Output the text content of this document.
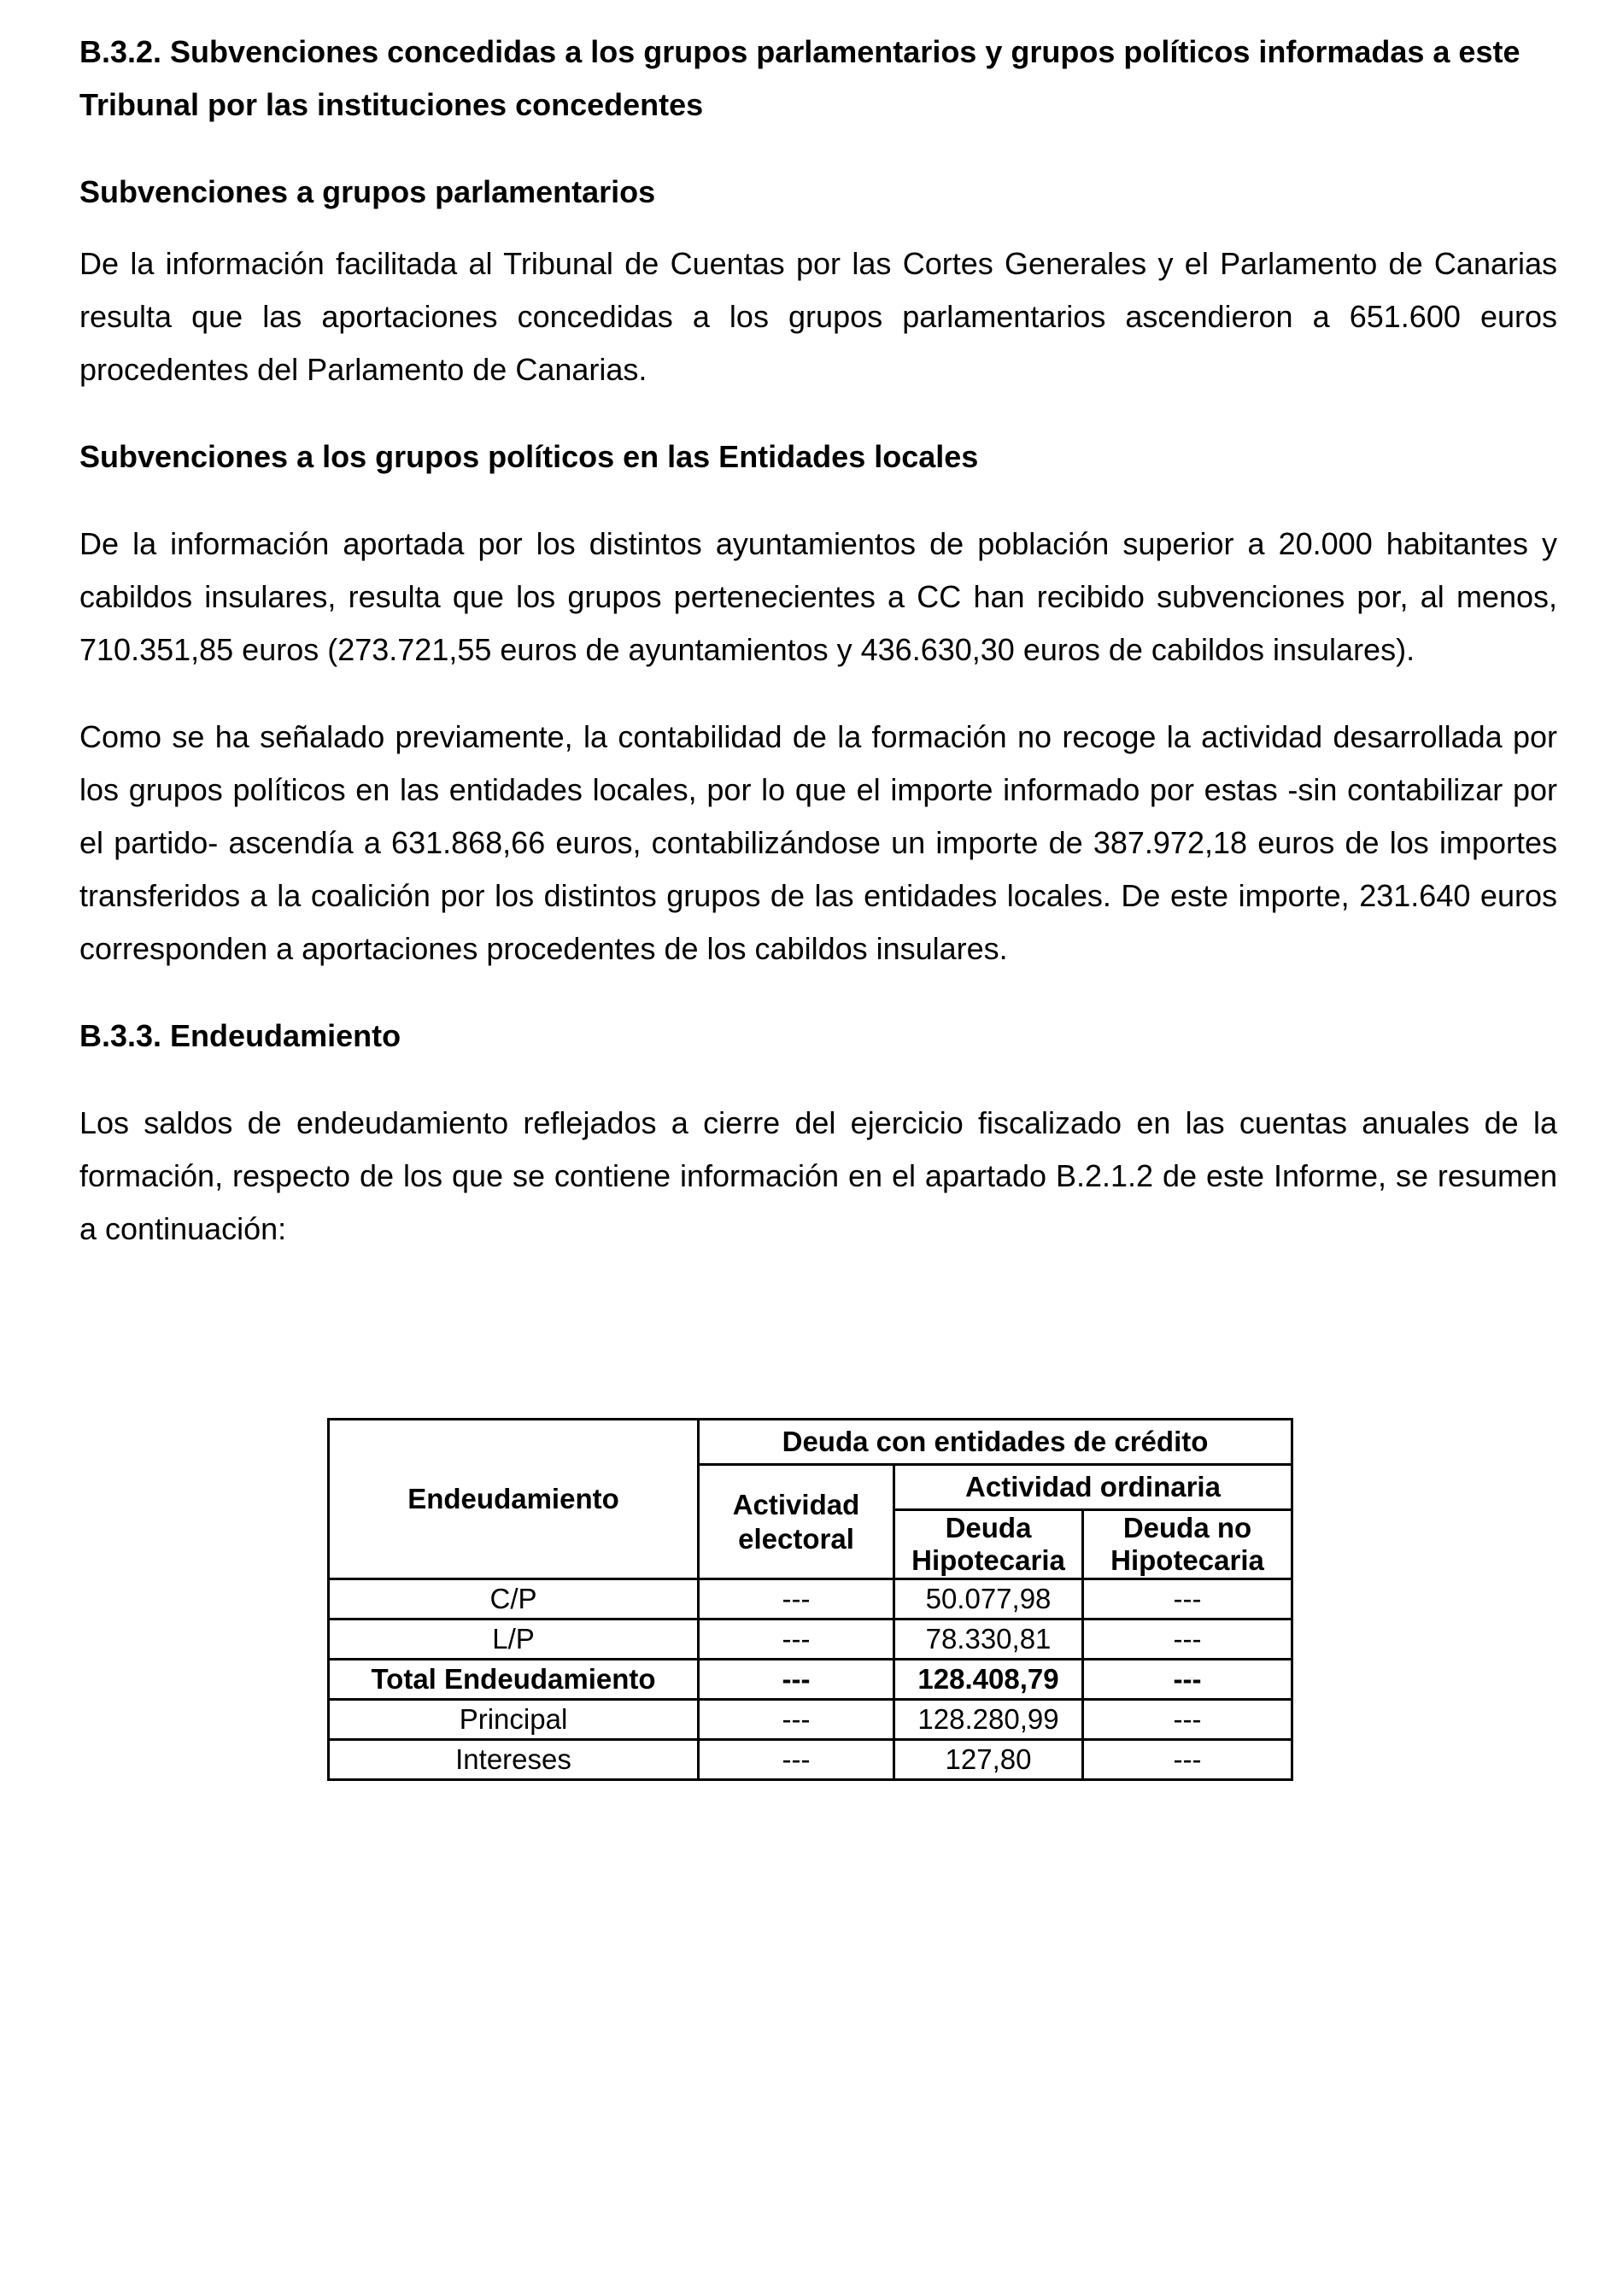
B.3.2. Subvenciones concedidas a los grupos parlamentarios y grupos políticos informadas a este Tribunal por las instituciones concedentes

Subvenciones a grupos parlamentarios

De la información facilitada al Tribunal de Cuentas por las Cortes Generales y el Parlamento de Canarias resulta que las aportaciones concedidas a los grupos parlamentarios ascendieron a 651.600 euros procedentes del Parlamento de Canarias.

Subvenciones a los grupos políticos en las Entidades locales

De la información aportada por los distintos ayuntamientos de población superior a 20.000 habitantes y cabildos insulares, resulta que los grupos pertenecientes a CC han recibido subvenciones por, al menos, 710.351,85 euros (273.721,55 euros de ayuntamientos y 436.630,30 euros de cabildos insulares).

Como se ha señalado previamente, la contabilidad de la formación no recoge la actividad desarrollada por los grupos políticos en las entidades locales, por lo que el importe informado por estas -sin contabilizar por el partido- ascendía a 631.868,66 euros, contabilizándose un importe de 387.972,18 euros de los importes transferidos a la coalición por los distintos grupos de las entidades locales. De este importe, 231.640 euros corresponden a aportaciones procedentes de los cabildos insulares.

B.3.3. Endeudamiento

Los saldos de endeudamiento reflejados a cierre del ejercicio fiscalizado en las cuentas anuales de la formación, respecto de los que se contiene información en el apartado B.2.1.2 de este Informe, se resumen a continuación:

Endeudamiento	Deuda con entidades de crédito		
	Actividad electoral	Actividad ordinaria	
		Deuda Hipotecaria	Deuda no Hipotecaria
C/P	---	50.077,98	---
L/P	---	78.330,81	---
Total Endeudamiento	---	128.408,79	---
Principal	---	128.280,99	---
Intereses	---	127,80	---
